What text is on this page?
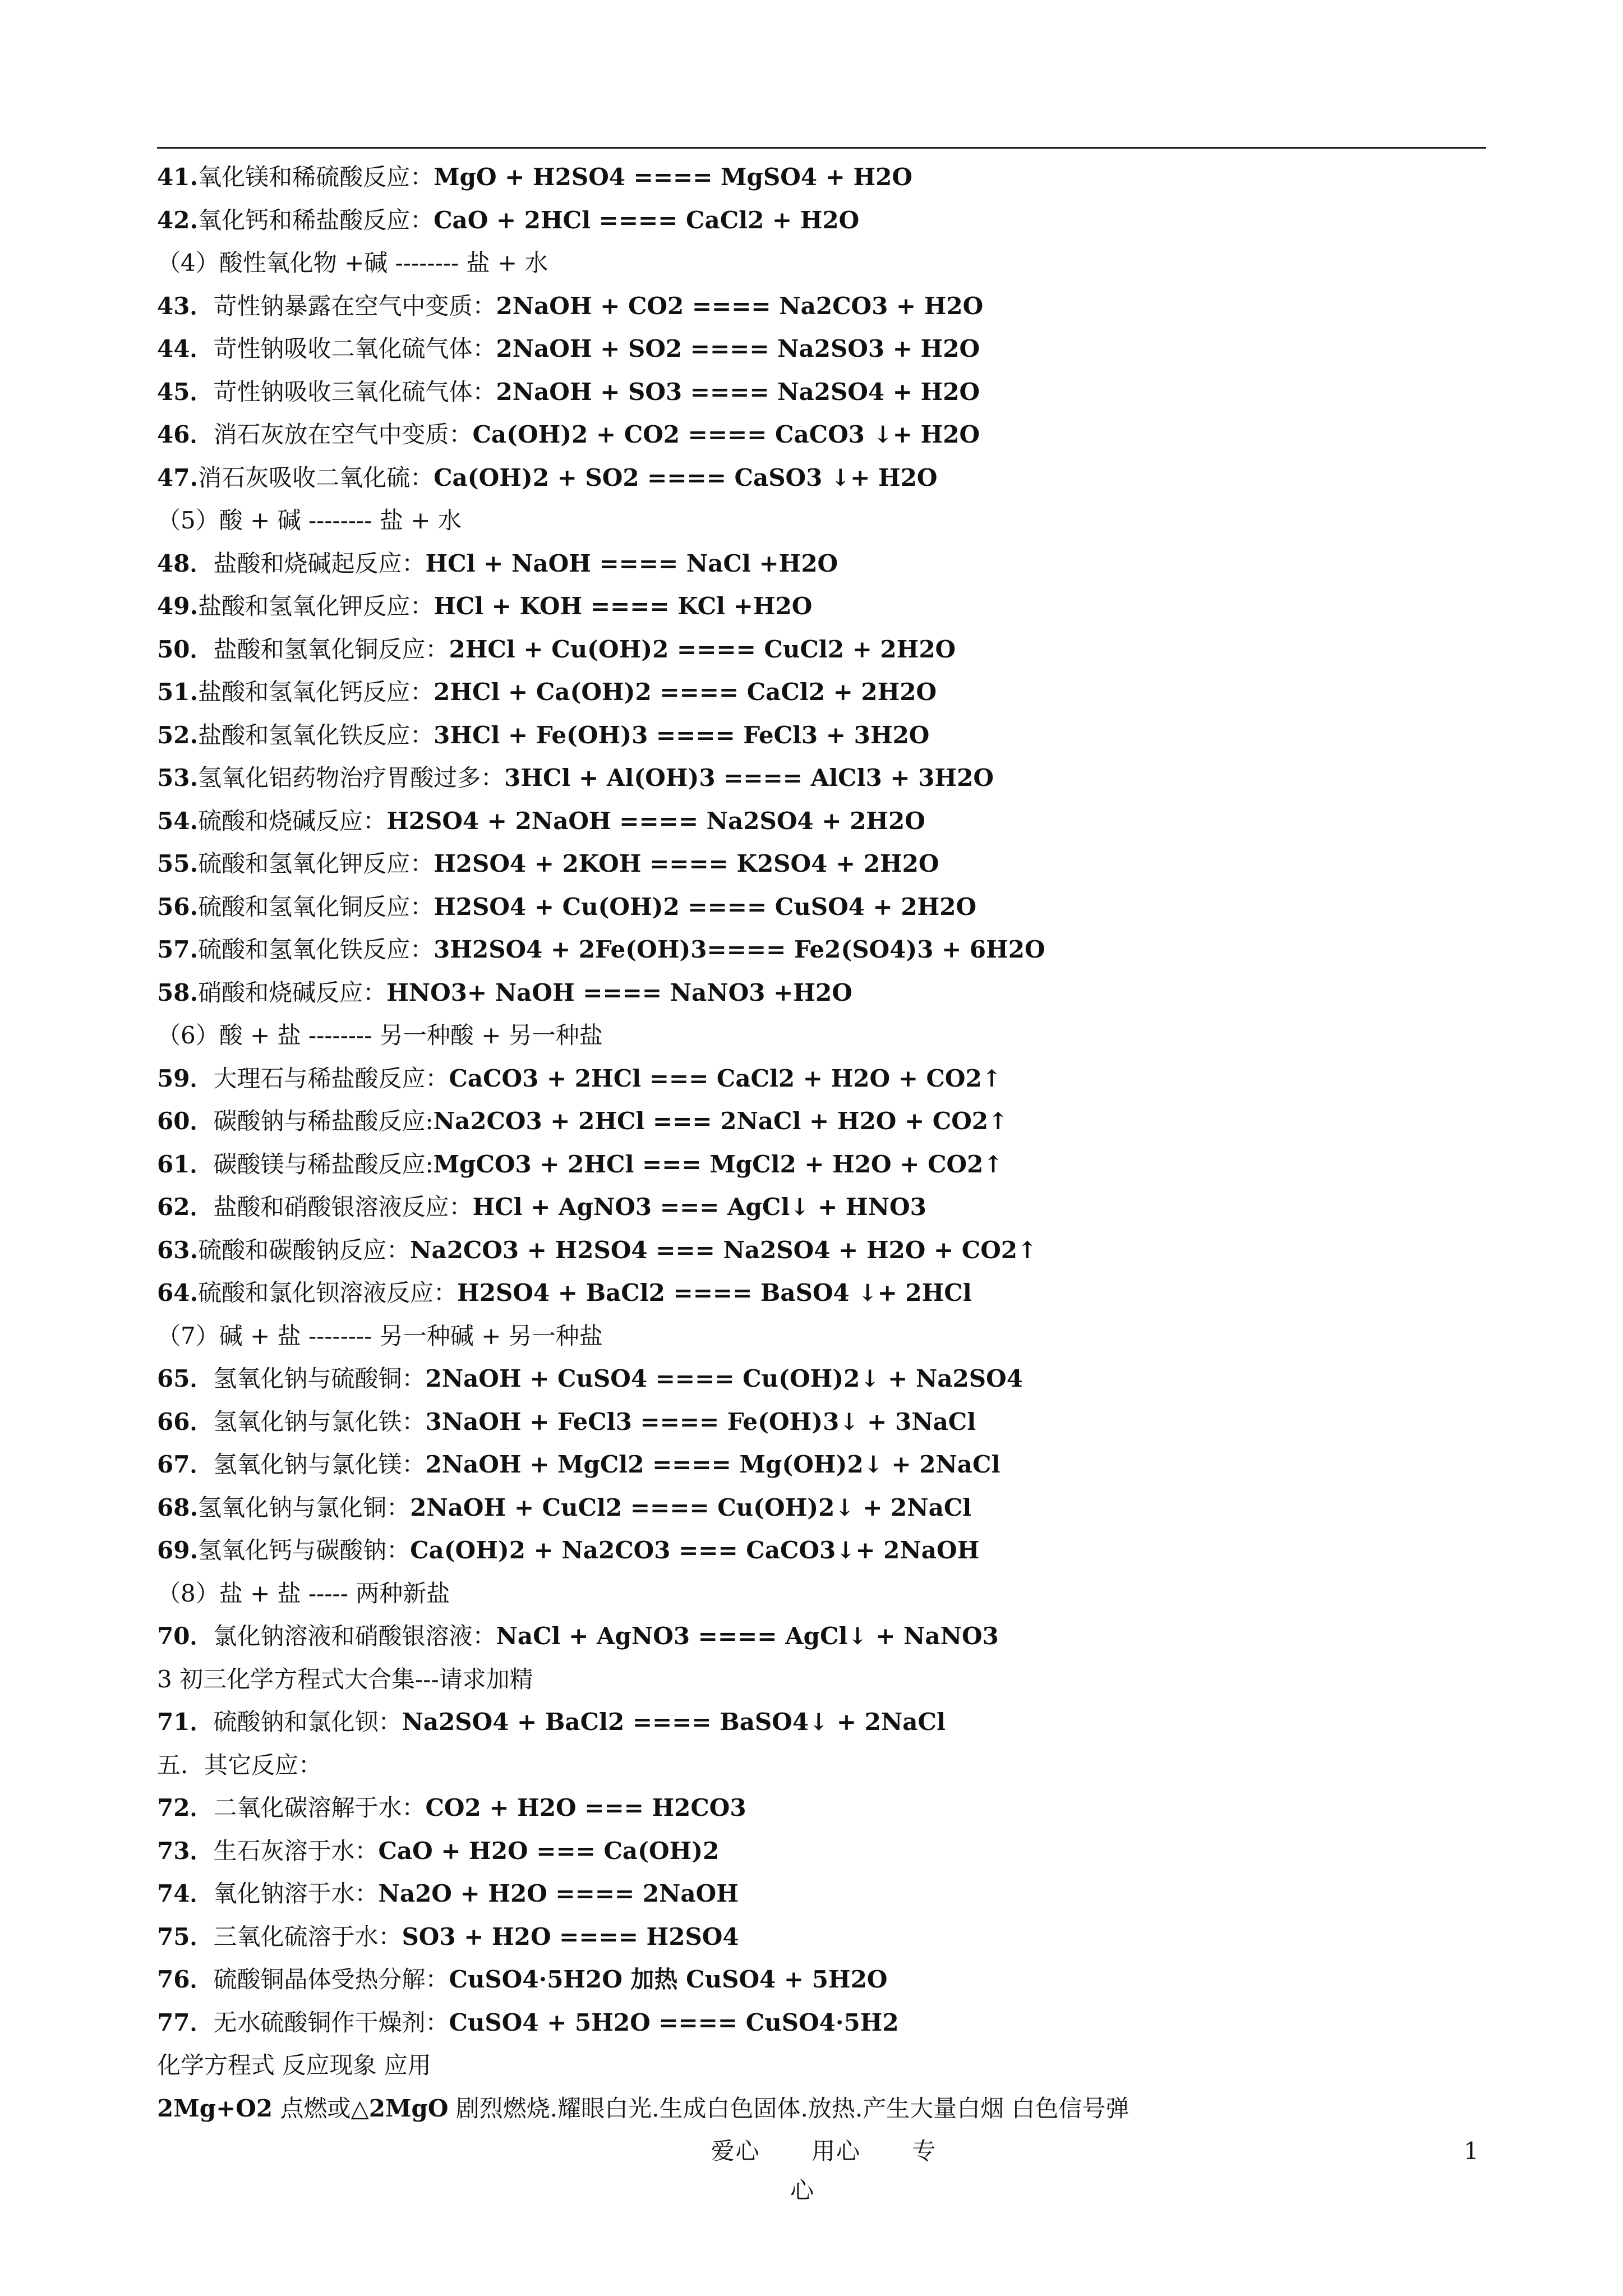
41.氧化镁和稀硫酸反应：MgO + H2SO4 ==== MgSO4 + H2O
42.氧化钙和稀盐酸反应：CaO + 2HCl ==== CaCl2 + H2O
（4）酸性氧化物 +碱 -------- 盐 + 水
43．苛性钠暴露在空气中变质：2NaOH + CO2 ==== Na2CO3 + H2O
44．苛性钠吸收二氧化硫气体：2NaOH + SO2 ==== Na2SO3 + H2O
45．苛性钠吸收三氧化硫气体：2NaOH + SO3 ==== Na2SO4 + H2O
46．消石灰放在空气中变质：Ca(OH)2 + CO2 ==== CaCO3 ↓+ H2O
47.消石灰吸收二氧化硫：Ca(OH)2 + SO2 ==== CaSO3 ↓+ H2O
（5）酸 + 碱 -------- 盐 + 水
48．盐酸和烧碱起反应：HCl + NaOH ==== NaCl +H2O
49.盐酸和氢氧化钾反应：HCl + KOH ==== KCl +H2O
50．盐酸和氢氧化铜反应：2HCl + Cu(OH)2 ==== CuCl2 + 2H2O
51.盐酸和氢氧化钙反应：2HCl + Ca(OH)2 ==== CaCl2 + 2H2O
52.盐酸和氢氧化铁反应：3HCl + Fe(OH)3 ==== FeCl3 + 3H2O
53.氢氧化铝药物治疗胃酸过多：3HCl + Al(OH)3 ==== AlCl3 + 3H2O
54.硫酸和烧碱反应：H2SO4 + 2NaOH ==== Na2SO4 + 2H2O
55.硫酸和氢氧化钾反应：H2SO4 + 2KOH ==== K2SO4 + 2H2O
56.硫酸和氢氧化铜反应：H2SO4 + Cu(OH)2 ==== CuSO4 + 2H2O
57.硫酸和氢氧化铁反应：3H2SO4 + 2Fe(OH)3==== Fe2(SO4)3 + 6H2O
58.硝酸和烧碱反应：HNO3+ NaOH ==== NaNO3 +H2O
（6）酸 + 盐 -------- 另一种酸 + 另一种盐
59．大理石与稀盐酸反应：CaCO3 + 2HCl === CaCl2 + H2O + CO2↑
60．碳酸钠与稀盐酸反应:Na2CO3 + 2HCl === 2NaCl + H2O + CO2↑
61．碳酸镁与稀盐酸反应:MgCO3 + 2HCl === MgCl2 + H2O + CO2↑
62．盐酸和硝酸银溶液反应：HCl + AgNO3 === AgCl↓ + HNO3
63.硫酸和碳酸钠反应：Na2CO3 + H2SO4 === Na2SO4 + H2O + CO2↑
64.硫酸和氯化钡溶液反应：H2SO4 + BaCl2 ==== BaSO4 ↓+ 2HCl
（7）碱 + 盐 -------- 另一种碱 + 另一种盐
65．氢氧化钠与硫酸铜：2NaOH + CuSO4 ==== Cu(OH)2↓ + Na2SO4
66．氢氧化钠与氯化铁：3NaOH + FeCl3 ==== Fe(OH)3↓ + 3NaCl
67．氢氧化钠与氯化镁：2NaOH + MgCl2 ==== Mg(OH)2↓ + 2NaCl
68.氢氧化钠与氯化铜：2NaOH + CuCl2 ==== Cu(OH)2↓ + 2NaCl
69.氢氧化钙与碳酸钠：Ca(OH)2 + Na2CO3 === CaCO3↓+ 2NaOH
（8）盐 + 盐 ----- 两种新盐
70．氯化钠溶液和硝酸银溶液：NaCl + AgNO3 ==== AgCl↓ + NaNO3
3 初三化学方程式大合集---请求加精
71．硫酸钠和氯化钡：Na2SO4 + BaCl2 ==== BaSO4↓ + 2NaCl
五．其它反应：
72．二氧化碳溶解于水：CO2 + H2O === H2CO3
73．生石灰溶于水：CaO + H2O === Ca(OH)2
74．氧化钠溶于水：Na2O + H2O ==== 2NaOH
75．三氧化硫溶于水：SO3 + H2O ==== H2SO4
76．硫酸铜晶体受热分解：CuSO4·5H2O 加热 CuSO4 + 5H2O
77．无水硫酸铜作干燥剂：CuSO4 + 5H2O ==== CuSO4·5H2
化学方程式 反应现象 应用
2Mg+O2 点燃或△2MgO 剧烈燃烧.耀眼白光.生成白色固体.放热.产生大量白烟 白色信号弹
爱心 用心 专心
1
